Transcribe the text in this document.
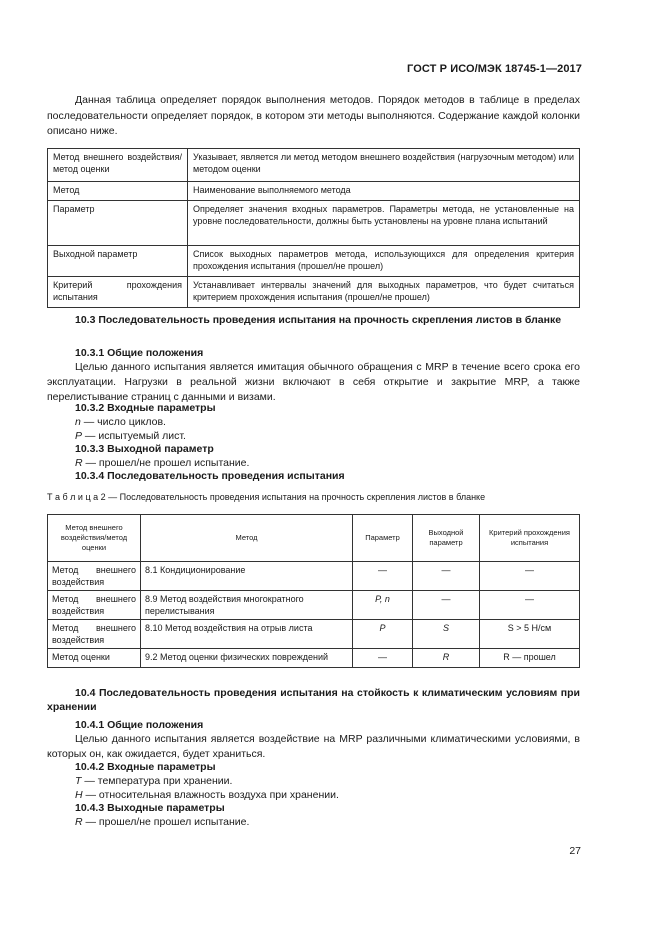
ГОСТ Р ИСО/МЭК 18745-1—2017
Данная таблица определяет порядок выполнения методов. Порядок методов в таблице в пределах последовательности определяет порядок, в котором эти методы выполняются. Содержание каждой колонки описано ниже.
Метод внешнего воздействия/метод оценки	Указывает, является ли метод методом внешнего воздействия (нагрузочным методом) или методом оценки
Метод	Наименование выполняемого метода
Параметр	Определяет значения входных параметров. Параметры метода, не установленные на уровне последовательности, должны быть установлены на уровне плана испытаний
Выходной параметр	Список выходных параметров метода, использующихся для определения критерия прохождения испытания (прошел/не прошел)
Критерий прохождения испытания	Устанавливает интервалы значений для выходных параметров, что будет считаться критерием прохождения испытания (прошел/не прошел)
10.3 Последовательность проведения испытания на прочность скрепления листов в бланке
10.3.1 Общие положения
Целью данного испытания является имитация обычного обращения с MRP в течение всего срока его эксплуатации. Нагрузки в реальной жизни включают в себя открытие и закрытие MRP, а также перелистывание страниц с данными и визами.
10.3.2 Входные параметры
n — число циклов.
P — испытуемый лист.
10.3.3 Выходной параметр
R — прошел/не прошел испытание.
10.3.4 Последовательность проведения испытания
Т а б л и ц а 2 — Последовательность проведения испытания на прочность скрепления листов в бланке
Метод внешнего воздействия/метод оценки	Метод	Параметр	Выходной параметр	Критерий прохождения испытания
Метод внешнего воздействия	8.1 Кондиционирование	—	—	—
Метод внешнего воздействия	8.9 Метод воздействия многократного перелистывания	P, n	—	—
Метод внешнего воздействия	8.10 Метод воздействия на отрыв листа	P	S	S > 5 Н/см
Метод оценки	9.2 Метод оценки физических повреждений	—	R	R — прошел
10.4 Последовательность проведения испытания на стойкость к климатическим условиям при хранении
10.4.1 Общие положения
Целью данного испытания является воздействие на MRP различными климатическими условиями, в которых он, как ожидается, будет храниться.
10.4.2 Входные параметры
T — температура при хранении.
H — относительная влажность воздуха при хранении.
10.4.3 Выходные параметры
R — прошел/не прошел испытание.
27
